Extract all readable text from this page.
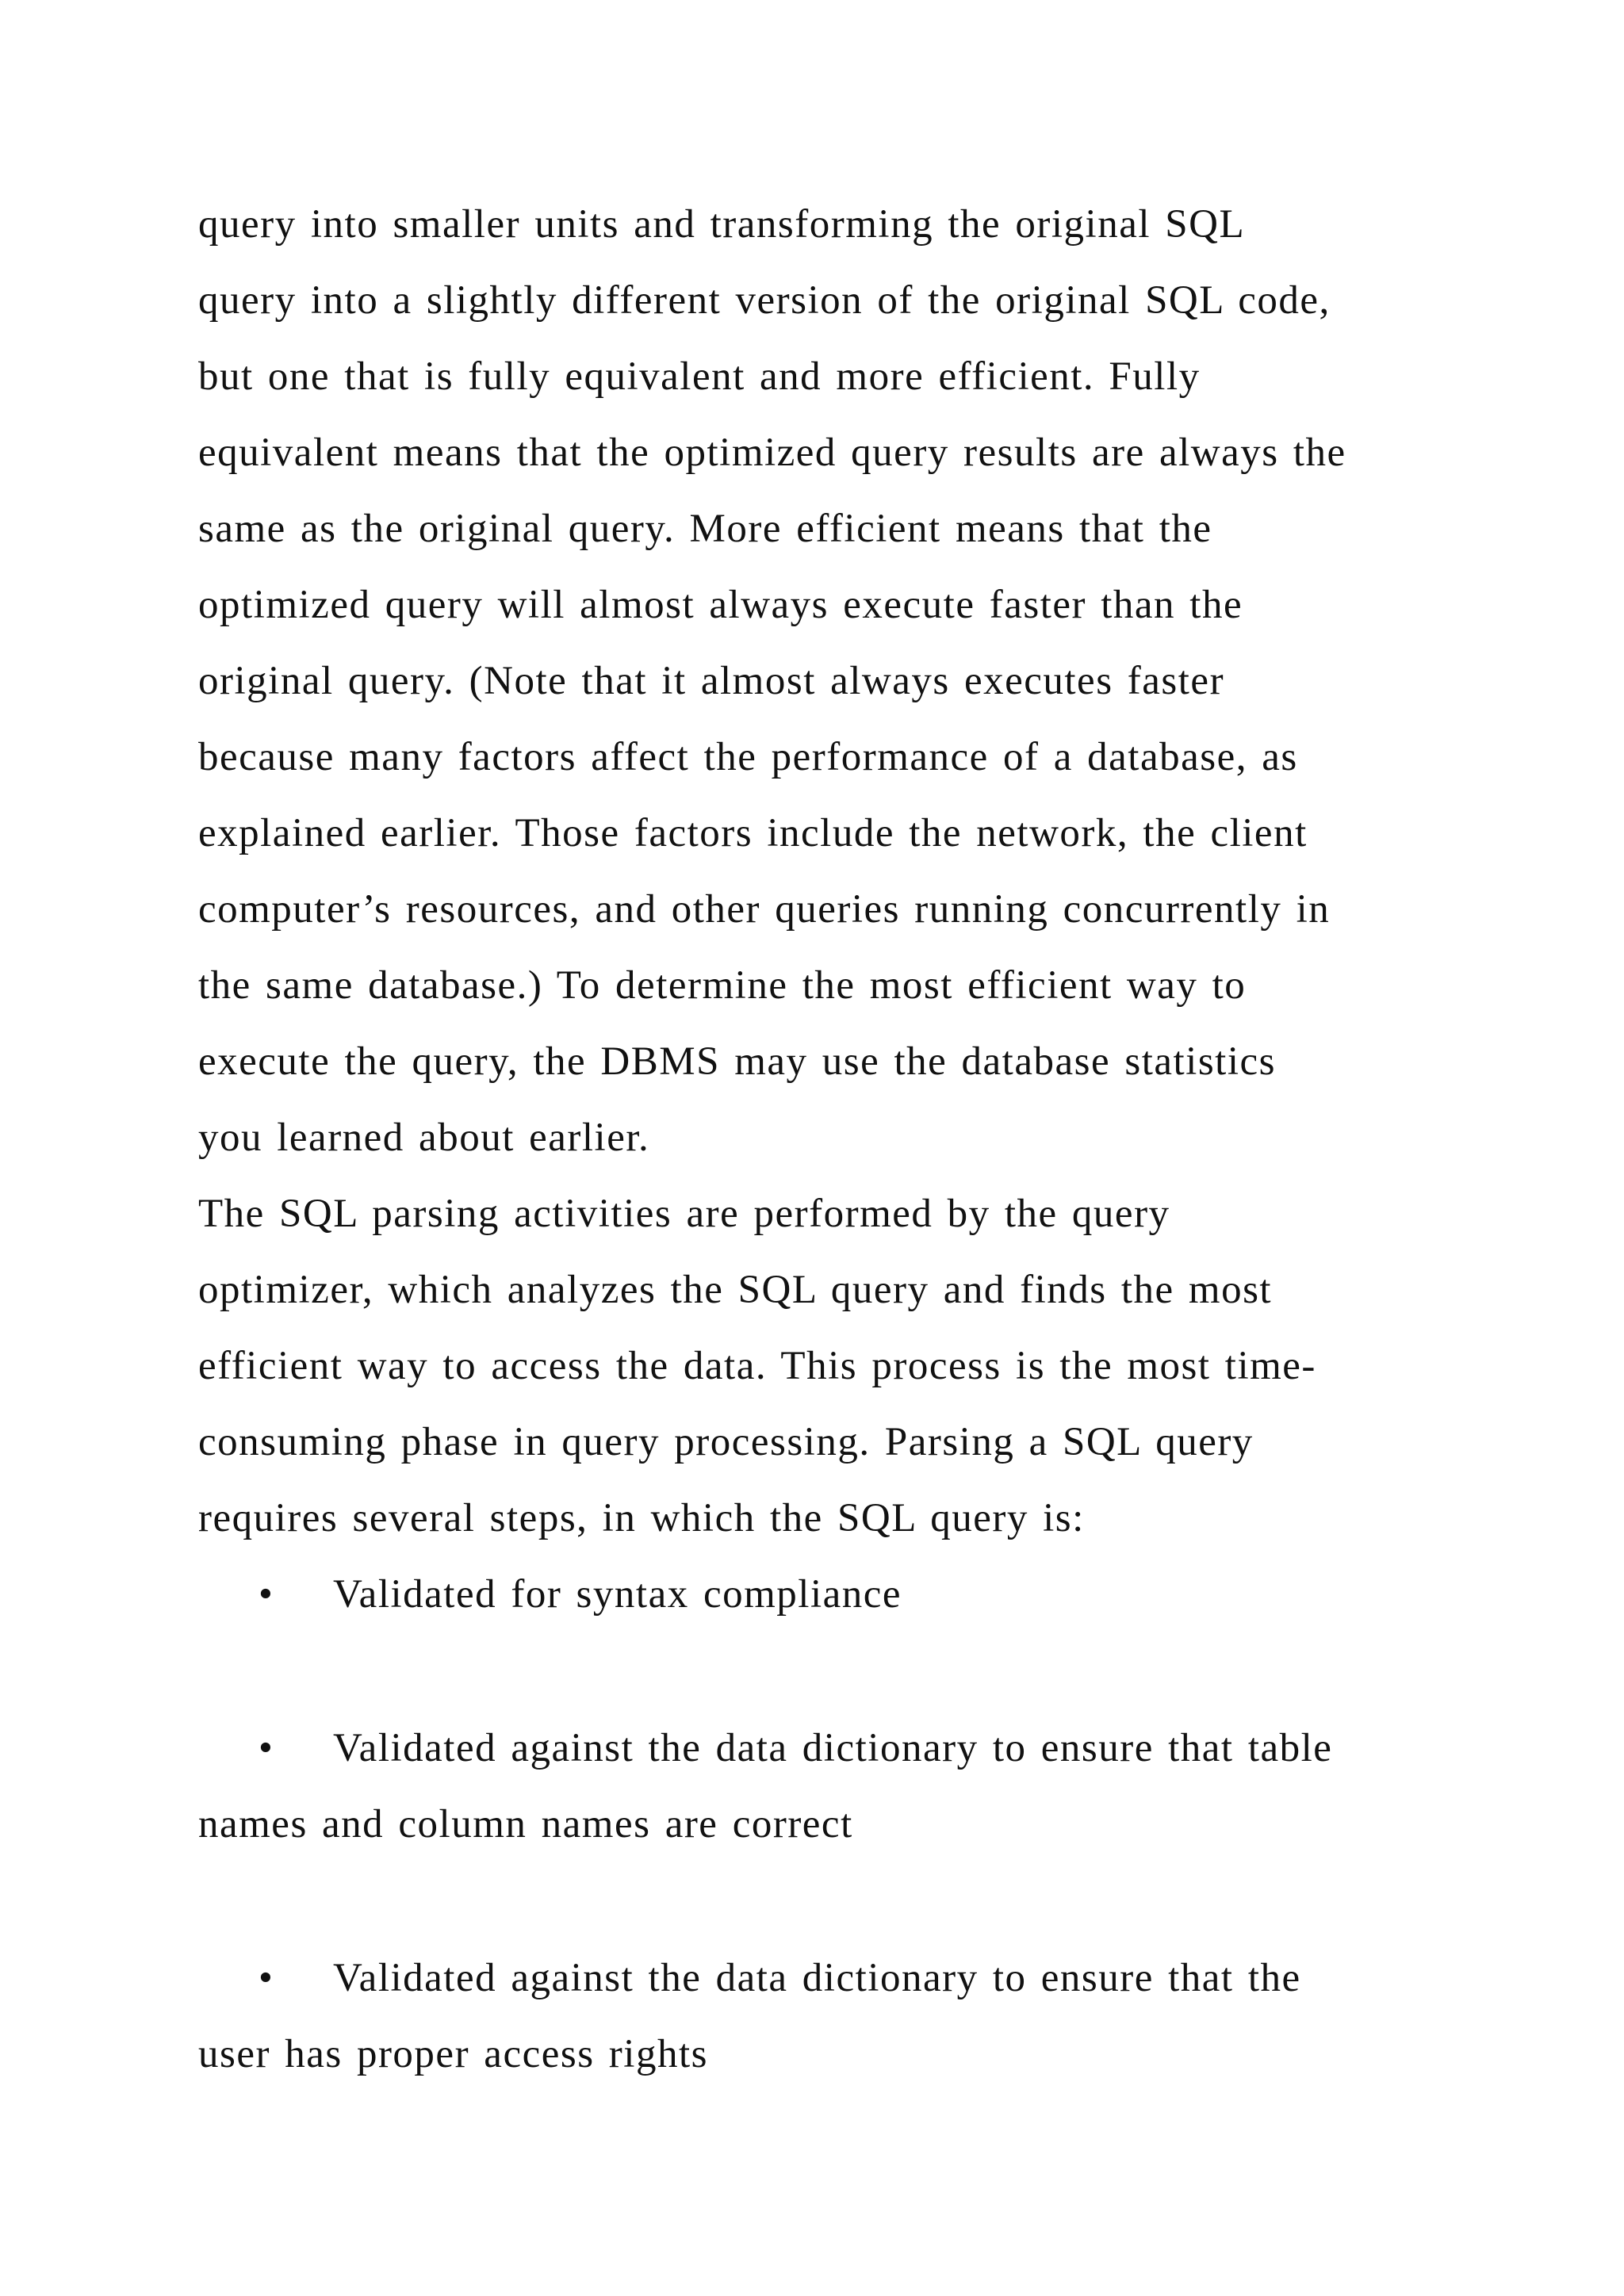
query into smaller units and transforming the original SQL
query into a slightly different version of the original SQL code,
but one that is fully equivalent and more efficient. Fully
equivalent means that the optimized query results are always the
same as the original query. More efficient means that the
optimized query will almost always execute faster than the
original query. (Note that it almost always executes faster
because many factors affect the performance of a database, as
explained earlier. Those factors include the network, the client
computer’s resources, and other queries running concurrently in
the same database.) To determine the most efficient way to
execute the query, the DBMS may use the database statistics
you learned about earlier.
The SQL parsing activities are performed by the query
optimizer, which analyzes the SQL query and finds the most
efficient way to access the data. This process is the most time-
consuming phase in query processing. Parsing a SQL query
requires several steps, in which the SQL query is:

•

Validated for syntax compliance

•

Validated against the data dictionary to ensure that table

names and column names are correct

•

Validated against the data dictionary to ensure that the

user has proper access rights
